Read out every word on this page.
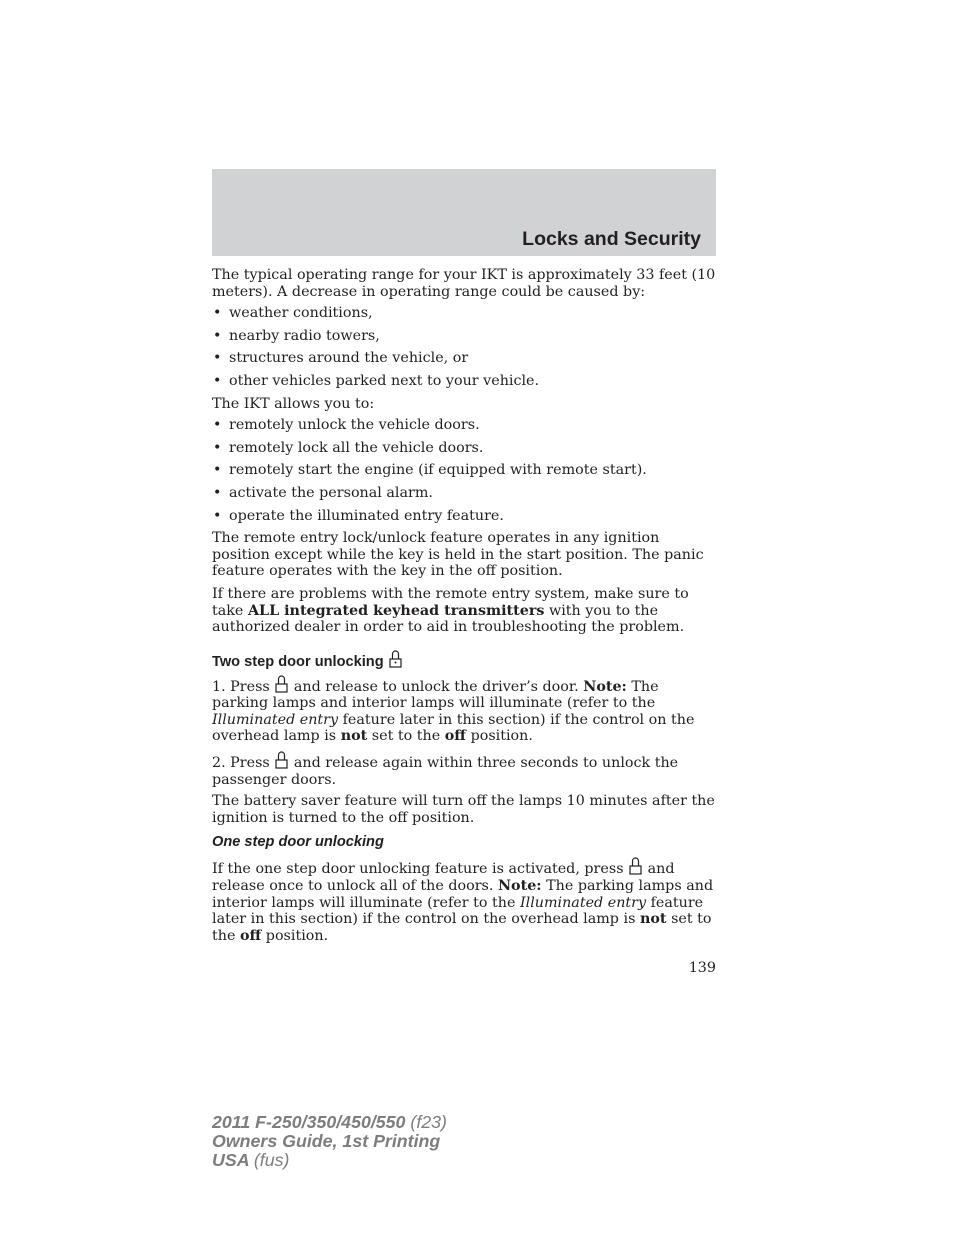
Locks and Security

The typical operating range for your IKT is approximately 33 feet (10 meters). A decrease in operating range could be caused by:

• weather conditions,
• nearby radio towers,
• structures around the vehicle, or
• other vehicles parked next to your vehicle.

The IKT allows you to:

• remotely unlock the vehicle doors.
• remotely lock all the vehicle doors.
• remotely start the engine (if equipped with remote start).
• activate the personal alarm.
• operate the illuminated entry feature.

The remote entry lock/unlock feature operates in any ignition position except while the key is held in the start position. The panic feature operates with the key in the off position.

If there are problems with the remote entry system, make sure to take ALL integrated keyhead transmitters with you to the authorized dealer in order to aid in troubleshooting the problem.

Two step door unlocking

1. Press and release to unlock the driver’s door. Note: The parking lamps and interior lamps will illuminate (refer to the Illuminated entry feature later in this section) if the control on the overhead lamp is not set to the off position.

2. Press and release again within three seconds to unlock the passenger doors.

The battery saver feature will turn off the lamps 10 minutes after the ignition is turned to the off position.

One step door unlocking

If the one step door unlocking feature is activated, press and release once to unlock all of the doors. Note: The parking lamps and interior lamps will illuminate (refer to the Illuminated entry feature later in this section) if the control on the overhead lamp is not set to the off position.

139
2011 F-250/350/450/550 (f23)
Owners Guide, 1st Printing
USA (fus)
